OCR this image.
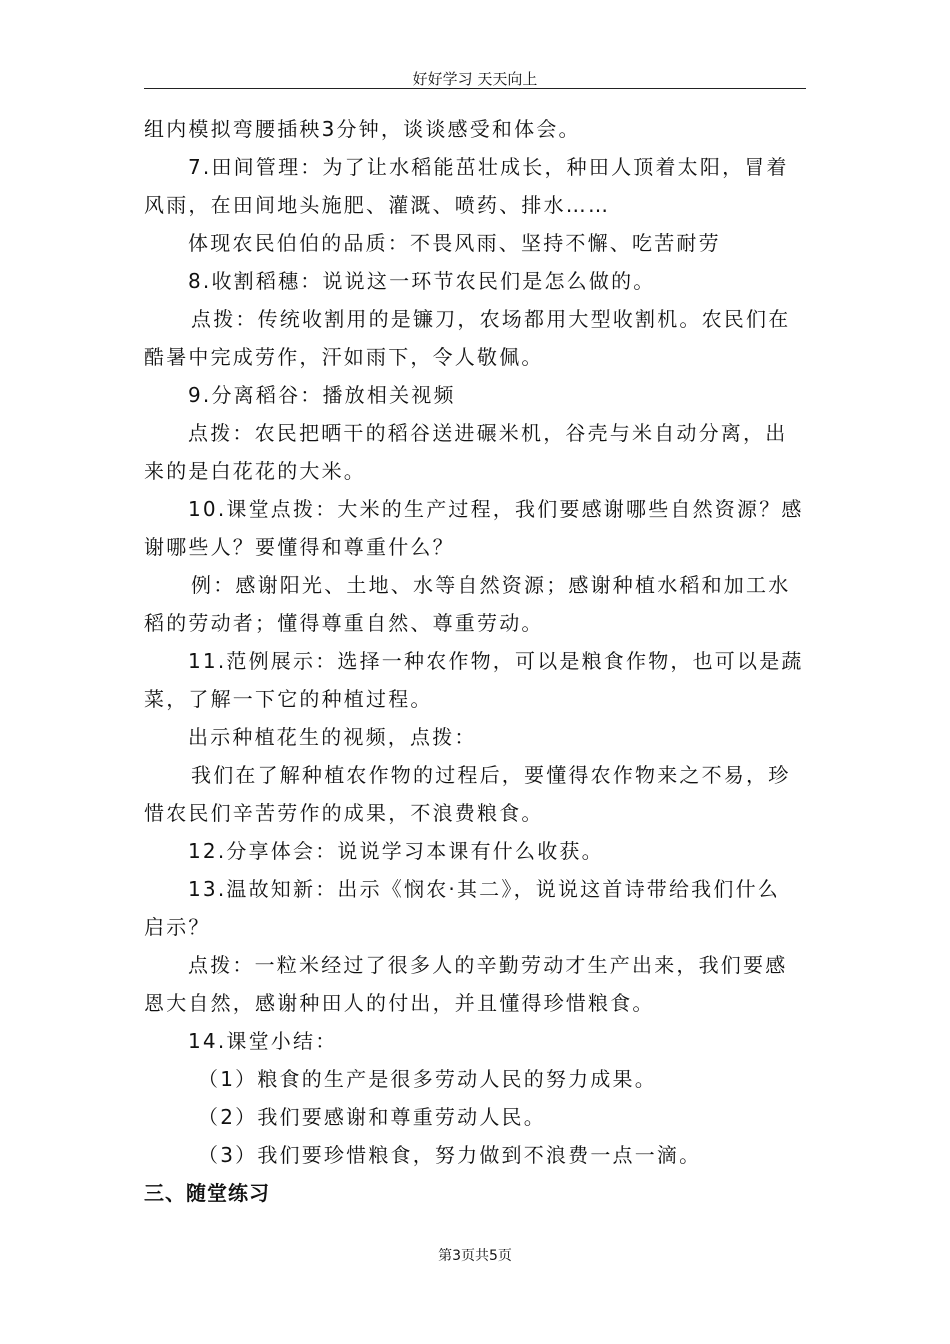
好好学习 天天向上
组内模拟弯腰插秧3分钟，谈谈感受和体会。
7.田间管理：为了让水稻能茁壮成长，种田人顶着太阳，冒着
风雨，在田间地头施肥、灌溉、喷药、排水……
体现农民伯伯的品质：不畏风雨、坚持不懈、吃苦耐劳
8.收割稻穗：说说这一环节农民们是怎么做的。
点拨：传统收割用的是镰刀，农场都用大型收割机。农民们在
酷暑中完成劳作，汗如雨下，令人敬佩。
9.分离稻谷：播放相关视频
点拨：农民把晒干的稻谷送进碾米机，谷壳与米自动分离，出
来的是白花花的大米。
10.课堂点拨：大米的生产过程，我们要感谢哪些自然资源？感
谢哪些人？要懂得和尊重什么？
例：感谢阳光、土地、水等自然资源；感谢种植水稻和加工水
稻的劳动者；懂得尊重自然、尊重劳动。
11.范例展示：选择一种农作物，可以是粮食作物，也可以是蔬
菜，了解一下它的种植过程。
出示种植花生的视频，点拨：
我们在了解种植农作物的过程后，要懂得农作物来之不易，珍
惜农民们辛苦劳作的成果，不浪费粮食。
12.分享体会：说说学习本课有什么收获。
13.温故知新：出示《悯农·其二》，说说这首诗带给我们什么
启示？
点拨：一粒米经过了很多人的辛勤劳动才生产出来，我们要感
恩大自然，感谢种田人的付出，并且懂得珍惜粮食。
14.课堂小结：
（1）粮食的生产是很多劳动人民的努力成果。
（2）我们要感谢和尊重劳动人民。
（3）我们要珍惜粮食，努力做到不浪费一点一滴。
三、随堂练习
第3页共5页
